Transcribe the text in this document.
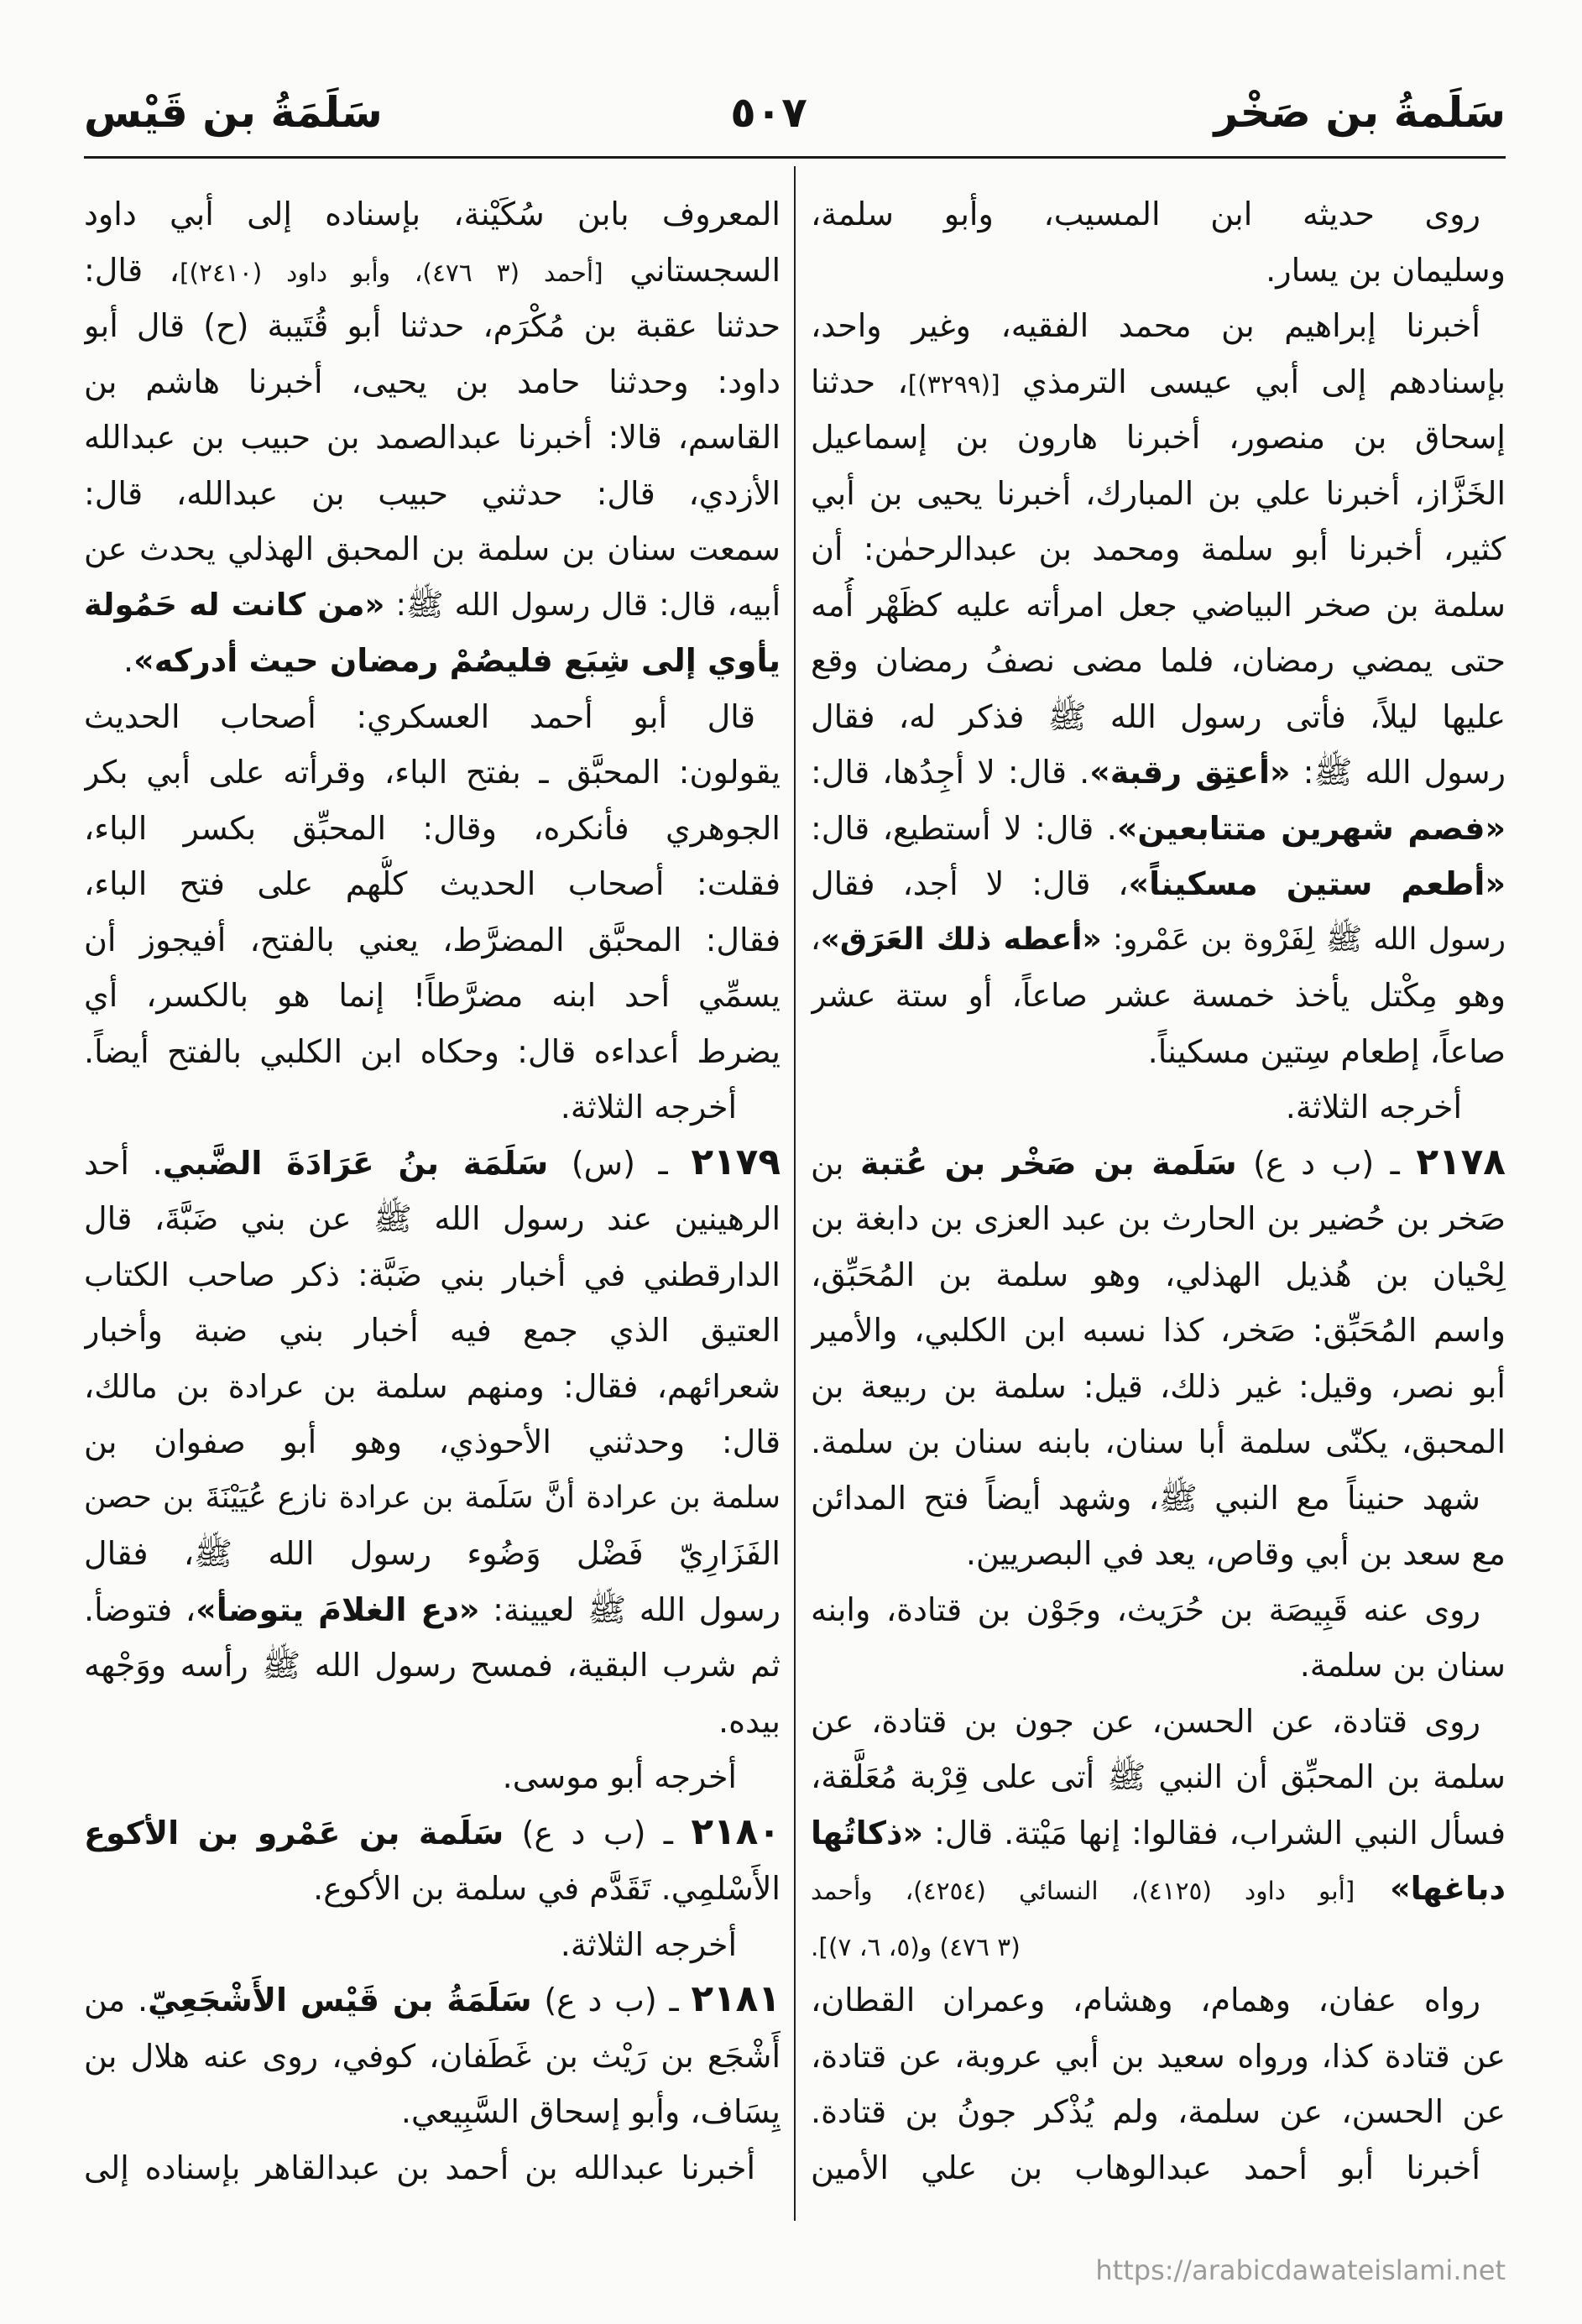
سَلَمةُ بن صَخْر
٥٠٧
سَلَمَةُ بن قَيْس
روى حديثه ابن المسيب، وأبو سلمة،
وسليمان بن يسار.
أخبرنا إبراهيم بن محمد الفقيه، وغير واحد،
بإسنادهم إلى أبي عيسى الترمذي [(٣٢٩٩)]، حدثنا
إسحاق بن منصور، أخبرنا هارون بن إسماعيل
الخَزَّاز، أخبرنا علي بن المبارك، أخبرنا يحيى بن أبي
كثير، أخبرنا أبو سلمة ومحمد بن عبدالرحمٰن: أن
سلمة بن صخر البياضي جعل امرأته عليه كظَهْر أُمه
حتى يمضي رمضان، فلما مضى نصفُ رمضان وقع
عليها ليلاً، فأتى رسول الله ﷺ فذكر له، فقال
رسول الله ﷺ: «أعتِق رقبة». قال: لا أجِدُها، قال:
«فصم شهرين متتابعين». قال: لا أستطيع، قال:
«أطعم ستين مسكيناً»، قال: لا أجد، فقال
رسول الله ﷺ لِفَرْوة بن عَمْرو: «أعطه ذلك العَرَق»،
وهو مِكْتل يأخذ خمسة عشر صاعاً، أو ستة عشر
صاعاً، إطعام سِتين مسكيناً.
أخرجه الثلاثة.
٢١٧٨ ـ (ب د ع) سَلَمة بن صَخْر بن عُتبة بن
صَخر بن حُضير بن الحارث بن عبد العزى بن دابغة بن
لِحْيان بن هُذيل الهذلي، وهو سلمة بن المُحَبِّق،
واسم المُحَبِّق: صَخر، كذا نسبه ابن الكلبي، والأمير
أبو نصر، وقيل: غير ذلك، قيل: سلمة بن ربيعة بن
المحبق، يكنّى سلمة أبا سنان، بابنه سنان بن سلمة.
شهد حنيناً مع النبي ﷺ، وشهد أيضاً فتح المدائن
مع سعد بن أبي وقاص، يعد في البصريين.
روى عنه قَبِيصَة بن حُرَيث، وجَوْن بن قتادة، وابنه
سنان بن سلمة.
روى قتادة، عن الحسن، عن جون بن قتادة، عن
سلمة بن المحبِّق أن النبي ﷺ أتى على قِرْبة مُعَلَّقة،
فسأل النبي الشراب، فقالوا: إنها مَيْتة. قال: «ذكاتُها
دباغها» [أبو داود (٤١٢٥)، النسائي (٤٢٥٤)، وأحمد
(٣ ٤٧٦) و(٥، ٦، ٧)].
رواه عفان، وهمام، وهشام، وعمران القطان،
عن قتادة كذا، ورواه سعيد بن أبي عروبة، عن قتادة،
عن الحسن، عن سلمة، ولم يُذْكر جونُ بن قتادة.
أخبرنا أبو أحمد عبدالوهاب بن علي الأمين
المعروف بابن سُكَيْنة، بإسناده إلى أبي داود
السجستاني [أحمد (٣ ٤٧٦)، وأبو داود (٢٤١٠)]، قال:
حدثنا عقبة بن مُكْرَم، حدثنا أبو قُتَيبة (ح) قال أبو
داود: وحدثنا حامد بن يحيى، أخبرنا هاشم بن
القاسم، قالا: أخبرنا عبدالصمد بن حبيب بن عبدالله
الأزدي، قال: حدثني حبيب بن عبدالله، قال:
سمعت سنان بن سلمة بن المحبق الهذلي يحدث عن
أبيه، قال: قال رسول الله ﷺ: «من كانت له حَمُولة
يأوي إلى شِبَع فليصُمْ رمضان حيث أدركه».
قال أبو أحمد العسكري: أصحاب الحديث
يقولون: المحبَّق ـ بفتح الباء، وقرأته على أبي بكر
الجوهري فأنكره، وقال: المحبِّق بكسر الباء،
فقلت: أصحاب الحديث كلُّهم على فتح الباء،
فقال: المحبَّق المضرَّط، يعني بالفتح، أفيجوز أن
يسمِّي أحد ابنه مضرَّطاً! إنما هو بالكسر، أي
يضرط أعداءه قال: وحكاه ابن الكلبي بالفتح أيضاً.
أخرجه الثلاثة.
٢١٧٩ ـ (س) سَلَمَة بنُ عَرَادَةَ الضَّبي. أحد
الرهينين عند رسول الله ﷺ عن بني ضَبَّةَ، قال
الدارقطني في أخبار بني ضَبَّة: ذكر صاحب الكتاب
العتيق الذي جمع فيه أخبار بني ضبة وأخبار
شعرائهم، فقال: ومنهم سلمة بن عرادة بن مالك،
قال: وحدثني الأحوذي، وهو أبو صفوان بن
سلمة بن عرادة أنَّ سَلَمة بن عرادة نازع عُيَيْنَةَ بن حصن
الفَزَارِيّ فَضْل وَضُوء رسول الله ﷺ، فقال
رسول الله ﷺ لعيينة: «دع الغلامَ يتوضأ»، فتوضأ.
ثم شرب البقية، فمسح رسول الله ﷺ رأسه ووَجْهه
بيده.
أخرجه أبو موسى.
٢١٨٠ ـ (ب د ع) سَلَمة بن عَمْرو بن الأكوع
الأَسْلمِي. تَقَدَّم في سلمة بن الأكوع.
أخرجه الثلاثة.
٢١٨١ ـ (ب د ع) سَلَمَةُ بن قَيْس الأَشْجَعِيّ. من
أَشْجَع بن رَيْث بن غَطَفان، كوفي، روى عنه هلال بن
يِسَاف، وأبو إسحاق السَّبِيعي.
أخبرنا عبدالله بن أحمد بن عبدالقاهر بإسناده إلى
https://arabicdawateislami.net
